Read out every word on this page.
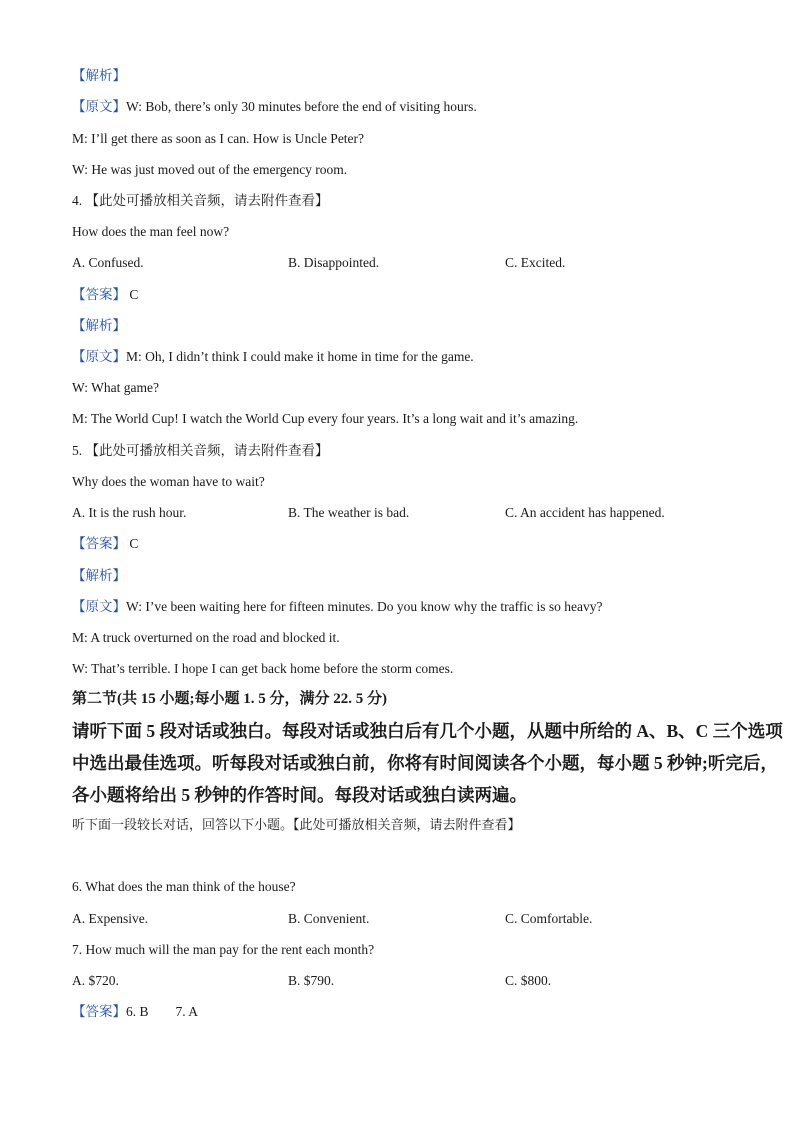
【解析】
【原文】W: Bob, there’s only 30 minutes before the end of visiting hours.
M: I’ll get there as soon as I can. How is Uncle Peter?
W: He was just moved out of the emergency room.
4. 【此处可播放相关音频，请去附件查看】
How does the man feel now?
A. Confused.	B. Disappointed.	C. Excited.
【答案】 C
【解析】
【原文】M: Oh, I didn’t think I could make it home in time for the game.
W: What game?
M: The World Cup! I watch the World Cup every four years. It’s a long wait and it’s amazing.
5. 【此处可播放相关音频，请去附件查看】
Why does the woman have to wait?
A. It is the rush hour.	B. The weather is bad.	C. An accident has happened.
【答案】 C
【解析】
【原文】W: I’ve been waiting here for fifteen minutes. Do you know why the traffic is so heavy?
M: A truck overturned on the road and blocked it.
W: That’s terrible. I hope I can get back home before the storm comes.
第二节(共 15 小题;每小题 1. 5 分，满分 22. 5 分)
请听下面 5 段对话或独白。每段对话或独白后有几个小题，从题中所给的 A、B、C 三个选项
中选出最佳选项。听每段对话或独白前，你将有时间阅读各个小题，每小题 5 秒钟;听完后，
各小题将给出 5 秒钟的作答时间。每段对话或独白读两遍。
听下面一段较长对话，回答以下小题。【此处可播放相关音频，请去附件查看】
6. What does the man think of the house?
A. Expensive.	B. Convenient.	C. Comfortable.
7. How much will the man pay for the rent each month?
A. $720.	B. $790.	C. $800.
【答案】6. B        7. A
